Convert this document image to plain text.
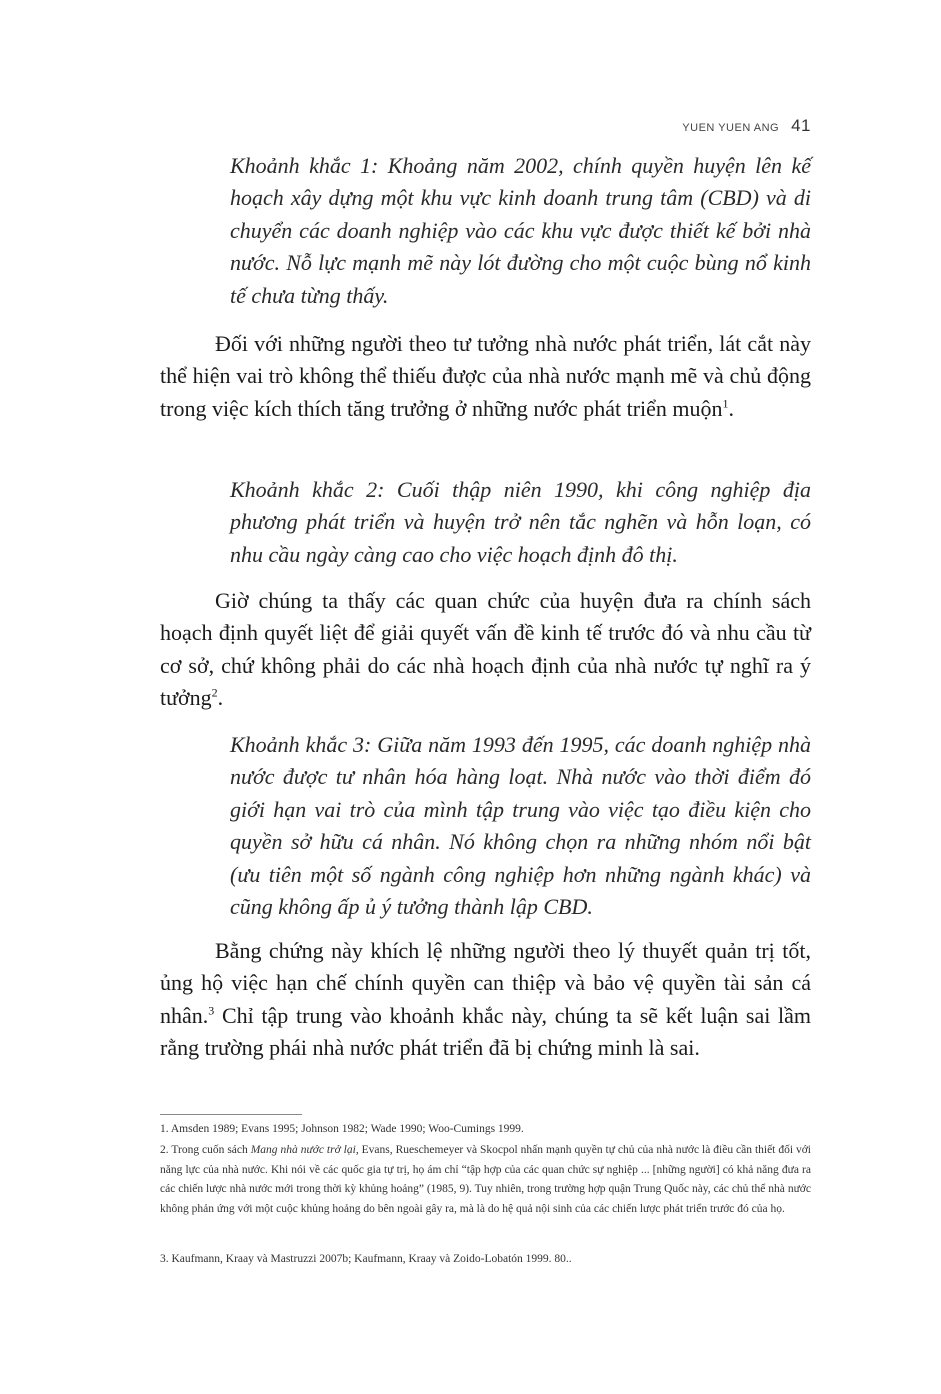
YUEN YUEN ANG 41

Khoảnh khắc 1: Khoảng năm 2002, chính quyền huyện lên kế hoạch xây dựng một khu vực kinh doanh trung tâm (CBD) và di chuyển các doanh nghiệp vào các khu vực được thiết kế bởi nhà nước. Nỗ lực mạnh mẽ này lót đường cho một cuộc bùng nổ kinh tế chưa từng thấy.

Đối với những người theo tư tưởng nhà nước phát triển, lát cắt này thể hiện vai trò không thể thiếu được của nhà nước mạnh mẽ và chủ động trong việc kích thích tăng trưởng ở những nước phát triển muộn$^1$.

Khoảnh khắc 2: Cuối thập niên 1990, khi công nghiệp địa phương phát triển và huyện trở nên tắc nghẽn và hỗn loạn, có nhu cầu ngày càng cao cho việc hoạch định đô thị.

Giờ chúng ta thấy các quan chức của huyện đưa ra chính sách hoạch định quyết liệt để giải quyết vấn đề kinh tế trước đó và nhu cầu từ cơ sở, chứ không phải do các nhà hoạch định của nhà nước tự nghĩ ra ý tưởng$^2$.

Khoảnh khắc 3: Giữa năm 1993 đến 1995, các doanh nghiệp nhà nước được tư nhân hóa hàng loạt. Nhà nước vào thời điểm đó giới hạn vai trò của mình tập trung vào việc tạo điều kiện cho quyền sở hữu cá nhân. Nó không chọn ra những nhóm nổi bật (ưu tiên một số ngành công nghiệp hơn những ngành khác) và cũng không ấp ủ ý tưởng thành lập CBD.

Bằng chứng này khích lệ những người theo lý thuyết quản trị tốt, ủng hộ việc hạn chế chính quyền can thiệp và bảo vệ quyền tài sản cá nhân.$^3$ Chỉ tập trung vào khoảnh khắc này, chúng ta sẽ kết luận sai lầm rằng trường phái nhà nước phát triển đã bị chứng minh là sai.

1. Amsden 1989; Evans 1995; Johnson 1982; Wade 1990; Woo-Cumings 1999.

2. Trong cuốn sách Mang nhà nước trở lại, Evans, Rueschemeyer và Skocpol nhấn mạnh quyền tự chủ của nhà nước là điều cần thiết đối với năng lực của nhà nước. Khi nói về các quốc gia tự trị, họ ám chỉ “tập hợp của các quan chức sự nghiệp ... [những người] có khả năng đưa ra các chiến lược nhà nước mới trong thời kỳ khủng hoảng” (1985, 9). Tuy nhiên, trong trường hợp quận Trung Quốc này, các chủ thể nhà nước không phản ứng với một cuộc khủng hoảng do bên ngoài gây ra, mà là do hệ quả nội sinh của các chiến lược phát triển trước đó của họ.

3. Kaufmann, Kraay và Mastruzzi 2007b; Kaufmann, Kraay và Zoido-Lobatón 1999. 80..
